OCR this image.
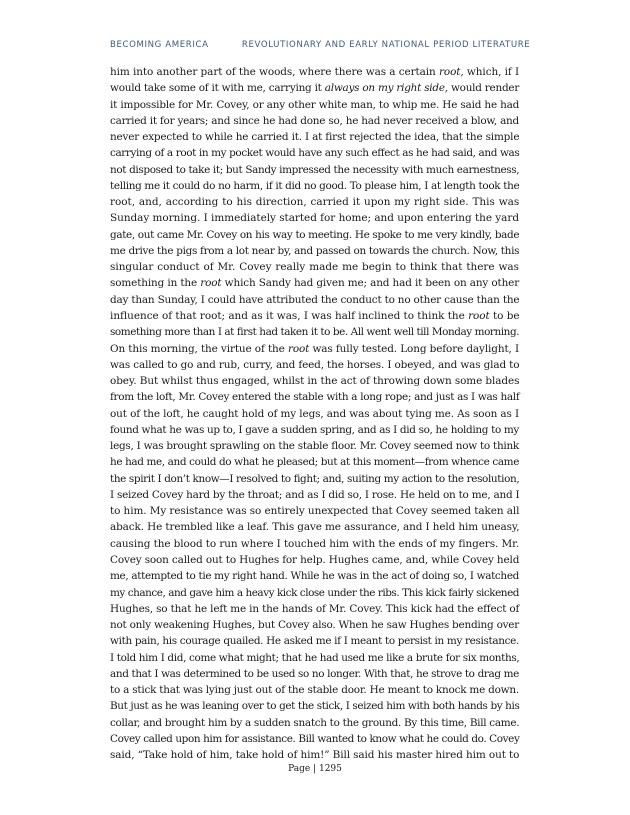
BECOMING AMERICA	REVOLUTIONARY AND EARLY NATIONAL PERIOD LITERATURE
him into another part of the woods, where there was a certain root, which, if I
would take some of it with me, carrying it always on my right side, would render
it impossible for Mr. Covey, or any other white man, to whip me. He said he had
carried it for years; and since he had done so, he had never received a blow, and
never expected to while he carried it. I at first rejected the idea, that the simple
carrying of a root in my pocket would have any such effect as he had said, and was
not disposed to take it; but Sandy impressed the necessity with much earnestness,
telling me it could do no harm, if it did no good. To please him, I at length took the
root, and, according to his direction, carried it upon my right side. This was
Sunday morning. I immediately started for home; and upon entering the yard
gate, out came Mr. Covey on his way to meeting. He spoke to me very kindly, bade
me drive the pigs from a lot near by, and passed on towards the church. Now, this
singular conduct of Mr. Covey really made me begin to think that there was
something in the root which Sandy had given me; and had it been on any other
day than Sunday, I could have attributed the conduct to no other cause than the
influence of that root; and as it was, I was half inclined to think the root to be
something more than I at first had taken it to be. All went well till Monday morning.
On this morning, the virtue of the root was fully tested. Long before daylight, I
was called to go and rub, curry, and feed, the horses. I obeyed, and was glad to
obey. But whilst thus engaged, whilst in the act of throwing down some blades
from the loft, Mr. Covey entered the stable with a long rope; and just as I was half
out of the loft, he caught hold of my legs, and was about tying me. As soon as I
found what he was up to, I gave a sudden spring, and as I did so, he holding to my
legs, I was brought sprawling on the stable floor. Mr. Covey seemed now to think
he had me, and could do what he pleased; but at this moment—from whence came
the spirit I don’t know—I resolved to fight; and, suiting my action to the resolution,
I seized Covey hard by the throat; and as I did so, I rose. He held on to me, and I
to him. My resistance was so entirely unexpected that Covey seemed taken all
aback. He trembled like a leaf. This gave me assurance, and I held him uneasy,
causing the blood to run where I touched him with the ends of my fingers. Mr.
Covey soon called out to Hughes for help. Hughes came, and, while Covey held
me, attempted to tie my right hand. While he was in the act of doing so, I watched
my chance, and gave him a heavy kick close under the ribs. This kick fairly sickened
Hughes, so that he left me in the hands of Mr. Covey. This kick had the effect of
not only weakening Hughes, but Covey also. When he saw Hughes bending over
with pain, his courage quailed. He asked me if I meant to persist in my resistance.
I told him I did, come what might; that he had used me like a brute for six months,
and that I was determined to be used so no longer. With that, he strove to drag me
to a stick that was lying just out of the stable door. He meant to knock me down.
But just as he was leaning over to get the stick, I seized him with both hands by his
collar, and brought him by a sudden snatch to the ground. By this time, Bill came.
Covey called upon him for assistance. Bill wanted to know what he could do. Covey
said, “Take hold of him, take hold of him!” Bill said his master hired him out to
Page | 1295
